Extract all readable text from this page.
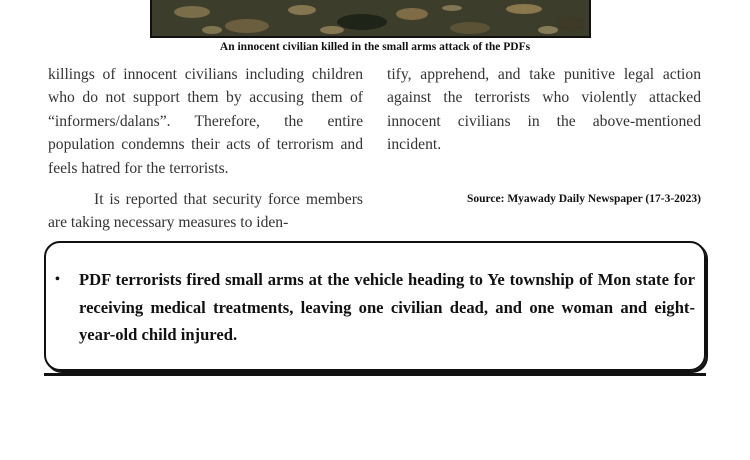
An innocent civilian killed in the small arms attack of the PDFs

killings of innocent civilians including children who do not support them by accusing them of “informers/dalans”. Therefore, the entire population condemns their acts of terrorism and feels hatred for the terrorists.

It is reported that security force members are taking necessary measures to iden-

tify, apprehend, and take punitive legal action against the terrorists who violently attacked innocent civilians in the above-mentioned incident.

Source: Myawady Daily Newspaper (17-3-2023)
• PDF terrorists fired small arms at the vehicle heading to Ye township of Mon state for receiving medical treatments, leaving one civilian dead, and one woman and eight-year-old child injured.
